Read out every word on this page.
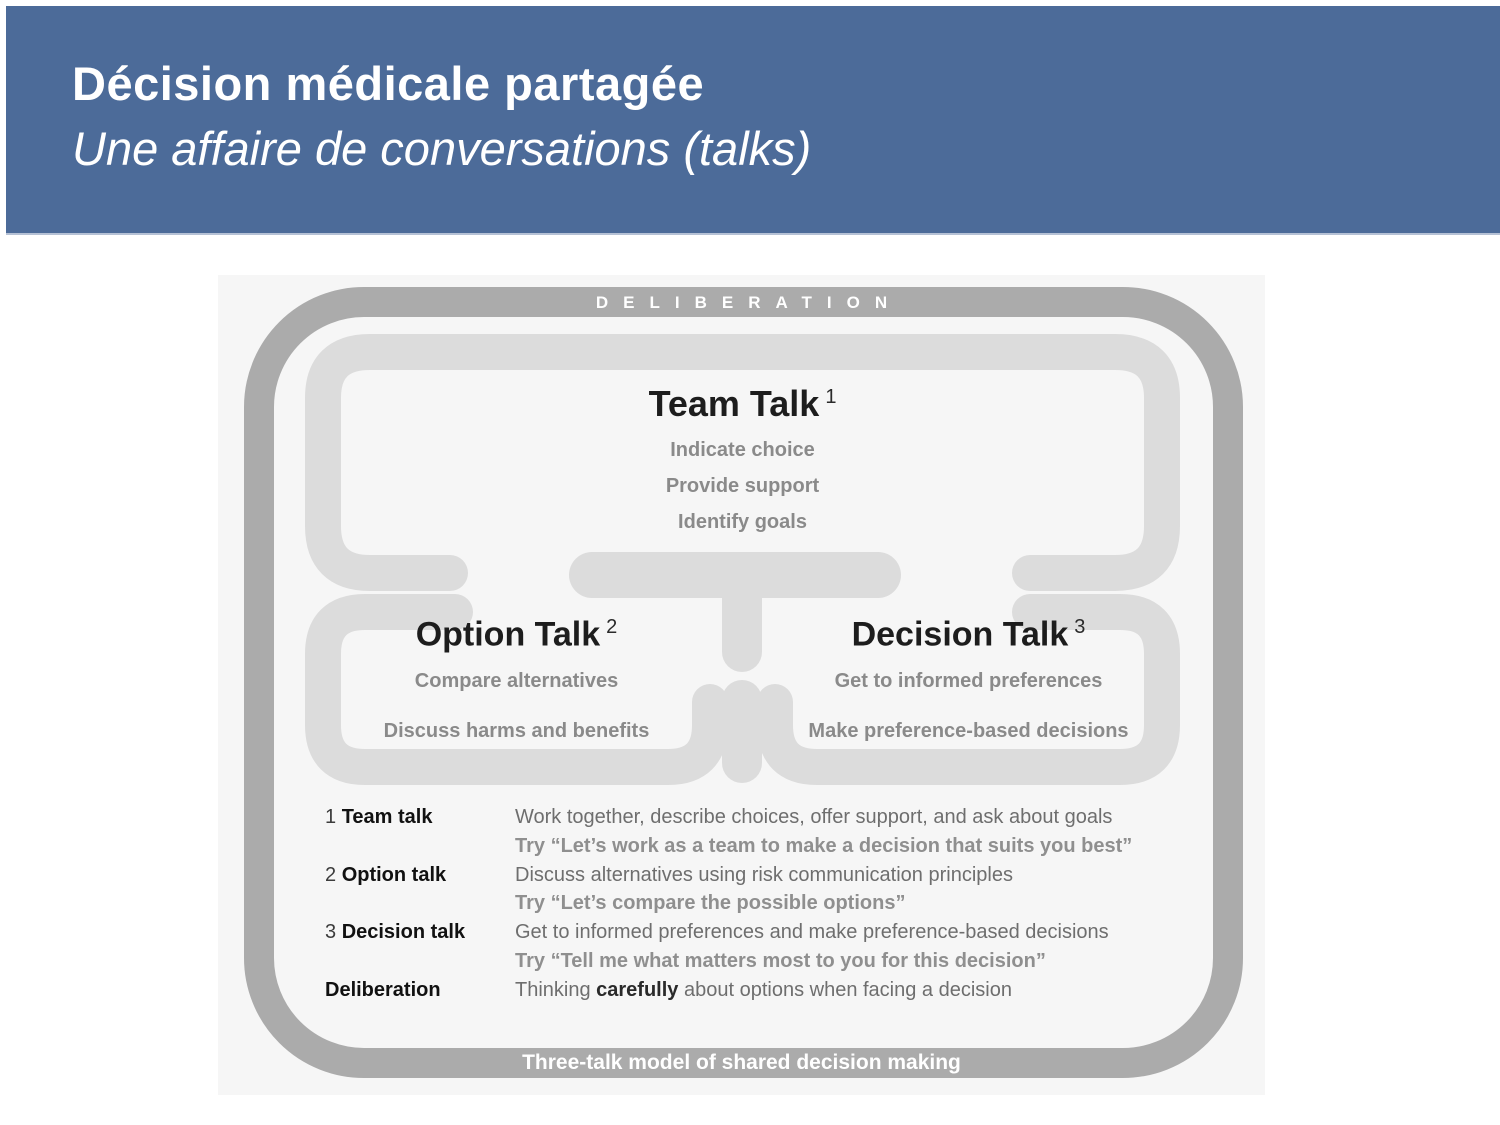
Décision médicale partagée
Une affaire de conversations (talks)
DELIBERATION
Team Talk $^1$
Indicate choice
Provide support
Identify goals
Option Talk $^2$
Compare alternatives
Discuss harms and benefits
Decision Talk $^3$
Get to informed preferences
Make preference-based decisions
1 Team talk	Work together, describe choices, offer support, and ask about goals
Try “Let’s work as a team to make a decision that suits you best”
2 Option talk	Discuss alternatives using risk communication principles
Try “Let’s compare the possible options”
3 Decision talk	Get to informed preferences and make preference-based decisions
Try “Tell me what matters most to you for this decision”
Deliberation	Thinking carefully about options when facing a decision
Three-talk model of shared decision making
